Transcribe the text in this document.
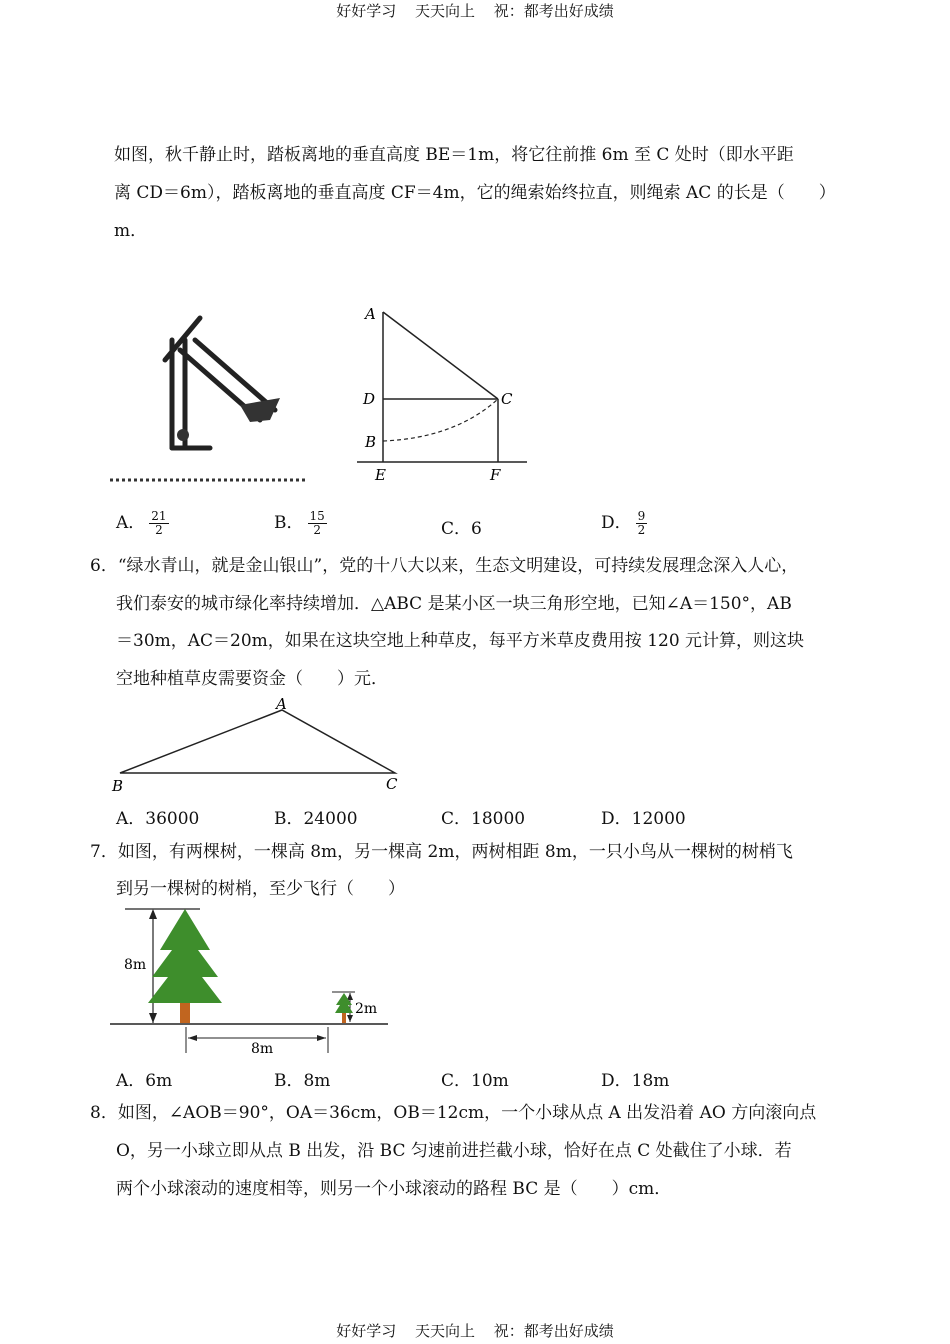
好好学习 天天向上 祝：都考出好成绩
如图，秋千静止时，踏板离地的垂直高度 BE＝1m，将它往前推 6m 至 C 处时（即水平距
离 CD＝6m），踏板离地的垂直高度 CF＝4m，它的绳索始终拉直，则绳索 AC 的长是（　　）
m．
A
D	C
B
E	F
A． $\frac{21}{2}$	B． $\frac{15}{2}$	C．6	D． $\frac{9}{2}$
6．“绿水青山，就是金山银山”，党的十八大以来，生态文明建设，可持续发展理念深入人心，
我们泰安的城市绿化率持续增加．△ABC 是某小区一块三角形空地，已知∠A＝150°，AB
＝30m，AC＝20m，如果在这块空地上种草皮，每平方米草皮费用按 120 元计算，则这块
空地种植草皮需要资金（　　）元．
A
B	C
A．36000	B．24000	C．18000	D．12000
7．如图，有两棵树，一棵高 8m，另一棵高 2m，两树相距 8m，一只小鸟从一棵树的树梢飞
到另一棵树的树梢，至少飞行（　　）
8m
2m
8m
A．6m	B．8m	C．10m	D．18m
8．如图，∠AOB＝90°，OA＝36cm，OB＝12cm，一个小球从点 A 出发沿着 AO 方向滚向点
O，另一小球立即从点 B 出发，沿 BC 匀速前进拦截小球，恰好在点 C 处截住了小球．若
两个小球滚动的速度相等，则另一个小球滚动的路程 BC 是（　　）cm．
好好学习 天天向上 祝：都考出好成绩
